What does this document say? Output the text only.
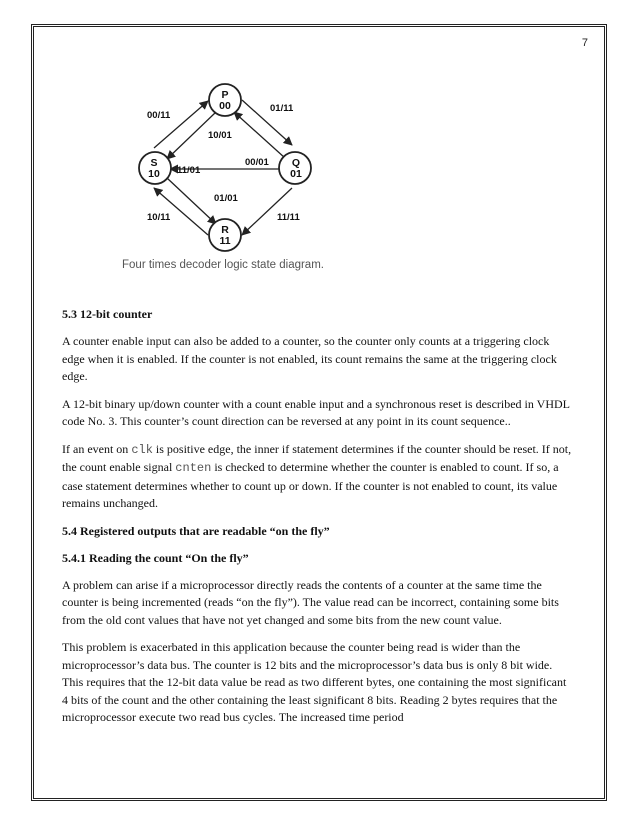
7
P
00
Q
01
R
11
S
10
00/11
01/11
10/01
11/01
00/01
01/01
10/11	11/11
Four times decoder logic state diagram.
5.3 12-bit counter

A counter enable input can also be added to a counter, so the counter only counts at a triggering clock edge when it is enabled. If the counter is not enabled, its count remains the same at the triggering clock edge.

A 12-bit binary up/down counter with a count enable input and a synchronous reset is described in VHDL code No. 3. This counter’s count direction can be reversed at any point in its count sequence..

If an event on clk is positive edge, the inner if statement determines if the counter should be reset. If not, the count enable signal cnten is checked to determine whether the counter is enabled to count. If so, a case statement determines whether to count up or down. If the counter is not enabled to count, its value remains unchanged.

5.4 Registered outputs that are readable “on the fly”
5.4.1 Reading the count “On the fly”

A problem can arise if a microprocessor directly reads the contents of a counter at the same time the counter is being incremented (reads “on the fly”). The value read can be incorrect, containing some bits from the old cont values that have not yet changed and some bits from the new count value.

This problem is exacerbated in this application because the counter being read is wider than the microprocessor’s data bus. The counter is 12 bits and the microprocessor’s data bus is only 8 bit wide. This requires that the 12-bit data value be read as two different bytes, one containing the most significant 4 bits of the count and the other containing the least significant 8 bits. Reading 2 bytes requires that the microprocessor execute two read bus cycles. The increased time period
